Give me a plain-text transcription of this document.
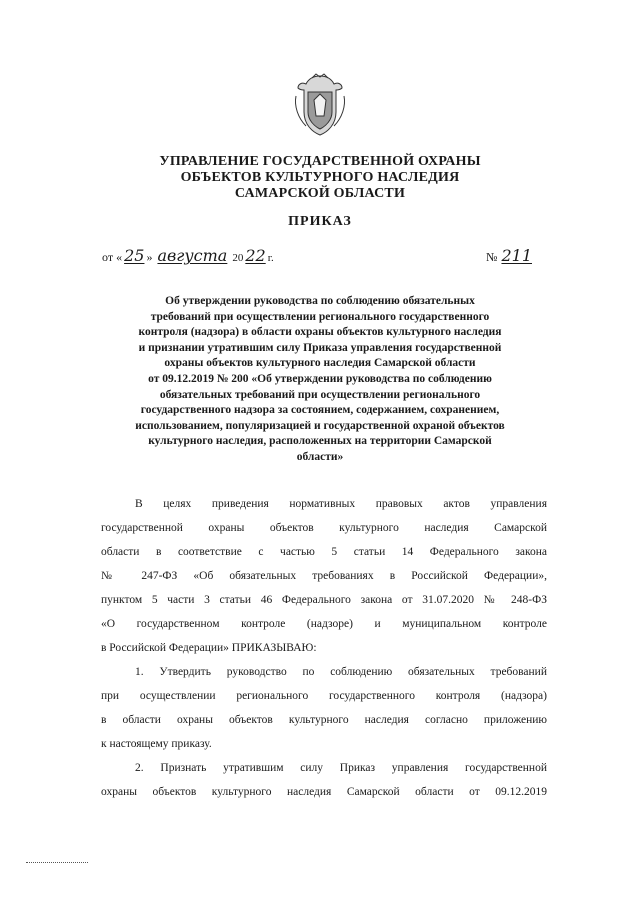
УПРАВЛЕНИЕ ГОСУДАРСТВЕННОЙ ОХРАНЫ
ОБЪЕКТОВ КУЛЬТУРНОГО НАСЛЕДИЯ
САМАРСКОЙ ОБЛАСТИ
ПРИКАЗ
от « 25 » августа 20 22 г.	№ 211
Об утверждении руководства по соблюдению обязательных
требований при осуществлении регионального государственного
контроля (надзора) в области охраны объектов культурного наследия
и признании утратившим силу Приказа управления государственной
охраны объектов культурного наследия Самарской области
от 09.12.2019 № 200 «Об утверждении руководства по соблюдению
обязательных требований при осуществлении регионального
государственного надзора за состоянием, содержанием, сохранением,
использованием, популяризацией и государственной охраной объектов
культурного наследия, расположенных на территории Самарской
области»
В целях приведения нормативных правовых актов управления
государственной охраны объектов культурного наследия Самарской
области в соответствие с частью 5 статьи 14 Федерального закона
№ 247-ФЗ «Об обязательных требованиях в Российской Федерации»,
пунктом 5 части 3 статьи 46 Федерального закона от 31.07.2020 № 248-ФЗ
«О государственном контроле (надзоре) и муниципальном контроле
в Российской Федерации» ПРИКАЗЫВАЮ:
1. Утвердить руководство по соблюдению обязательных требований
при осуществлении регионального государственного контроля (надзора)
в области охраны объектов культурного наследия согласно приложению
к настоящему приказу.
2. Признать утратившим силу Приказ управления государственной
охраны объектов культурного наследия Самарской области от 09.12.2019
